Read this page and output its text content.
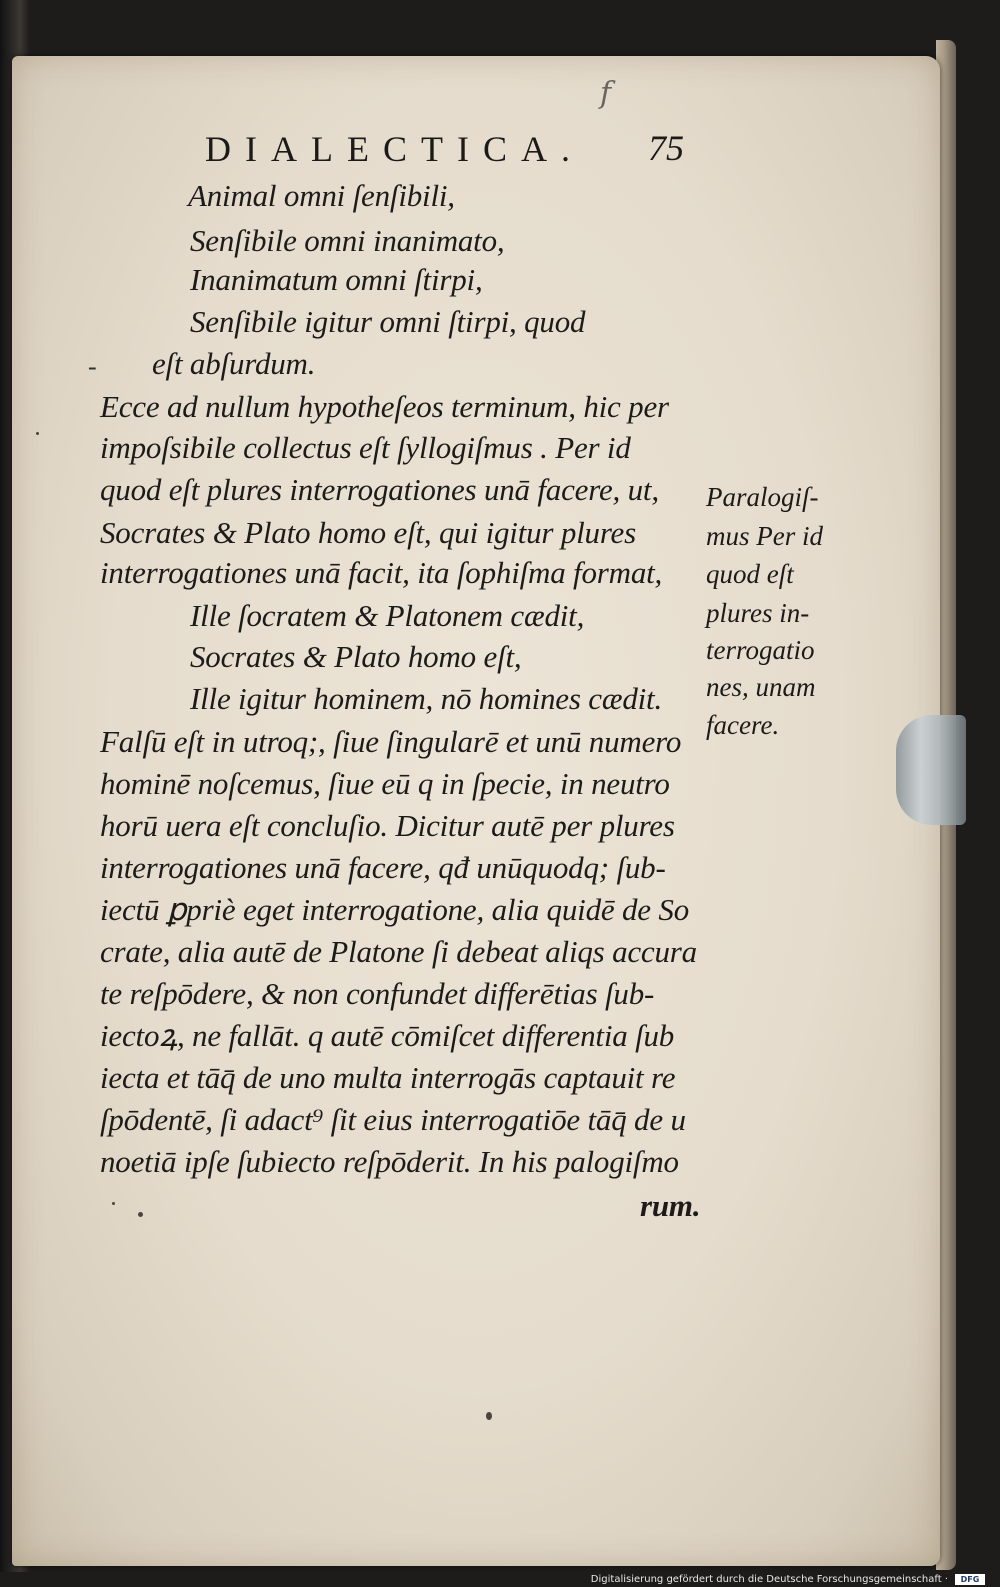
f
DIALECTICA. 75
Animal omni ſenſibili,
Senſibile omni inanimato,
Inanimatum omni ſtirpi,
Senſibile igitur omni ſtirpi, quod
- eſt abſurdum.
Ecce ad nullum hypotheſeos terminum, hic per
impoſsibile collectus eſt ſyllogiſmus . Per id
quod eſt plures interrogationes unā facere, ut,
Socrates & Plato homo eſt, qui igitur plures
interrogationes unā facit, ita ſophiſma format,
Ille ſocratem & Platonem cædit,
Socrates & Plato homo eſt,
Ille igitur hominem, nō homines cædit.
Falſū eſt in utroq;, ſiue ſingularē et unū numero
hominē noſcemus, ſiue eū q in ſpecie, in neutro
horū uera eſt concluſio. Dicitur autē per plures
interrogationes unā facere, qđ unūquodq; ſub-
iectū ꝑpriè eget interrogatione, alia quidē de So
crate, alia autē de Platone ſi debeat aliqs accura
te reſpōdere, & non confundet differētias ſub-
iectoꝝ, ne fallāt. q autē cōmiſcet differentia ſub
iecta et tāq̄ de uno multa interrogās captauit re
ſpōdentē, ſi adact⁹ ſit eius interrogatiōe tāq̄ de u
noetiā ipſe ſubiecto reſpōderit. In his palogiſmo
rum.
Paralogiſ-
mus Per id
quod eſt
plures in-
terrogatio
nes, unam
facere.
Digitalisierung gefördert durch die Deutsche Forschungsgemeinschaft ·	DFG
